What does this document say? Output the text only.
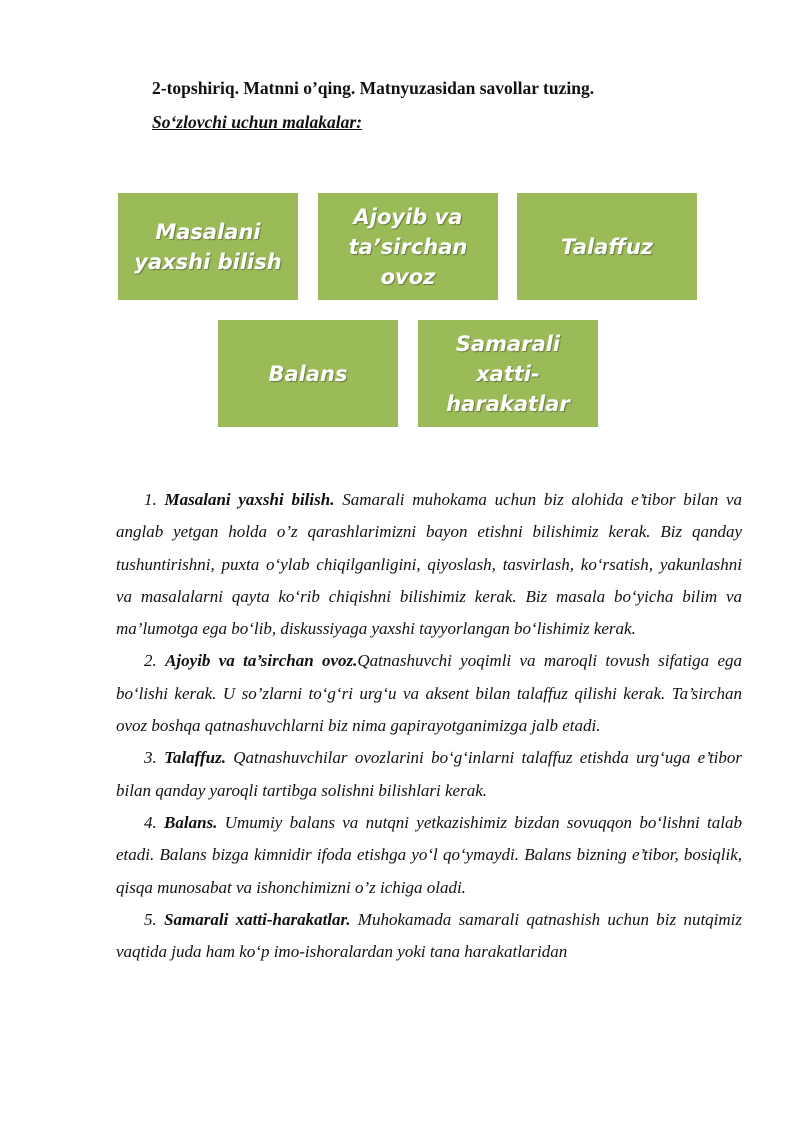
2-topshiriq. Matnni o’qing. Matnyuzasidan savollar tuzing.
So‘zlovchi uchun malakalar:
Masalani
yaxshi bilish
Ajoyib va
ta’sirchan
ovoz
Talaffuz
Balans
Samarali xatti-
harakatlar

1. Masalani yaxshi bilish. Samarali muhokama uchun biz alohida e’tibor bilan va anglab yetgan holda o’z qarashlarimizni bayon etishni bilishimiz kerak. Biz qanday tushuntirishni, puxta o‘ylab chiqilganligini, qiyoslash, tasvirlash, ko‘rsatish, yakunlashni va masalalarni qayta ko‘rib chiqishni bilishimiz kerak. Biz masala bo‘yicha bilim va ma’lumotga ega bo‘lib, diskussiyaga yaxshi tayyorlangan bo‘lishimiz kerak.

2. Ajoyib va ta’sirchan ovoz.Qatnashuvchi yoqimli va maroqli tovush sifatiga ega bo‘lishi kerak. U so’zlarni to‘g‘ri urg‘u va aksent bilan talaffuz qilishi kerak. Ta’sirchan ovoz boshqa qatnashuvchlarni biz nima gapirayotganimizga jalb etadi.

3. Talaffuz. Qatnashuvchilar ovozlarini bo‘g‘inlarni talaffuz etishda urg‘uga e’tibor bilan qanday yaroqli tartibga solishni bilishlari kerak.

4. Balans. Umumiy balans va nutqni yetkazishimiz bizdan sovuqqon bo‘lishni talab etadi. Balans bizga kimnidir ifoda etishga yo‘l qo‘ymaydi. Balans bizning e’tibor, bosiqlik, qisqa munosabat va ishonchimizni o’z ichiga oladi.

5. Samarali xatti-harakatlar. Muhokamada samarali qatnashish uchun biz nutqimiz vaqtida juda ham ko‘p imo-ishoralardan yoki tana harakatlaridan
